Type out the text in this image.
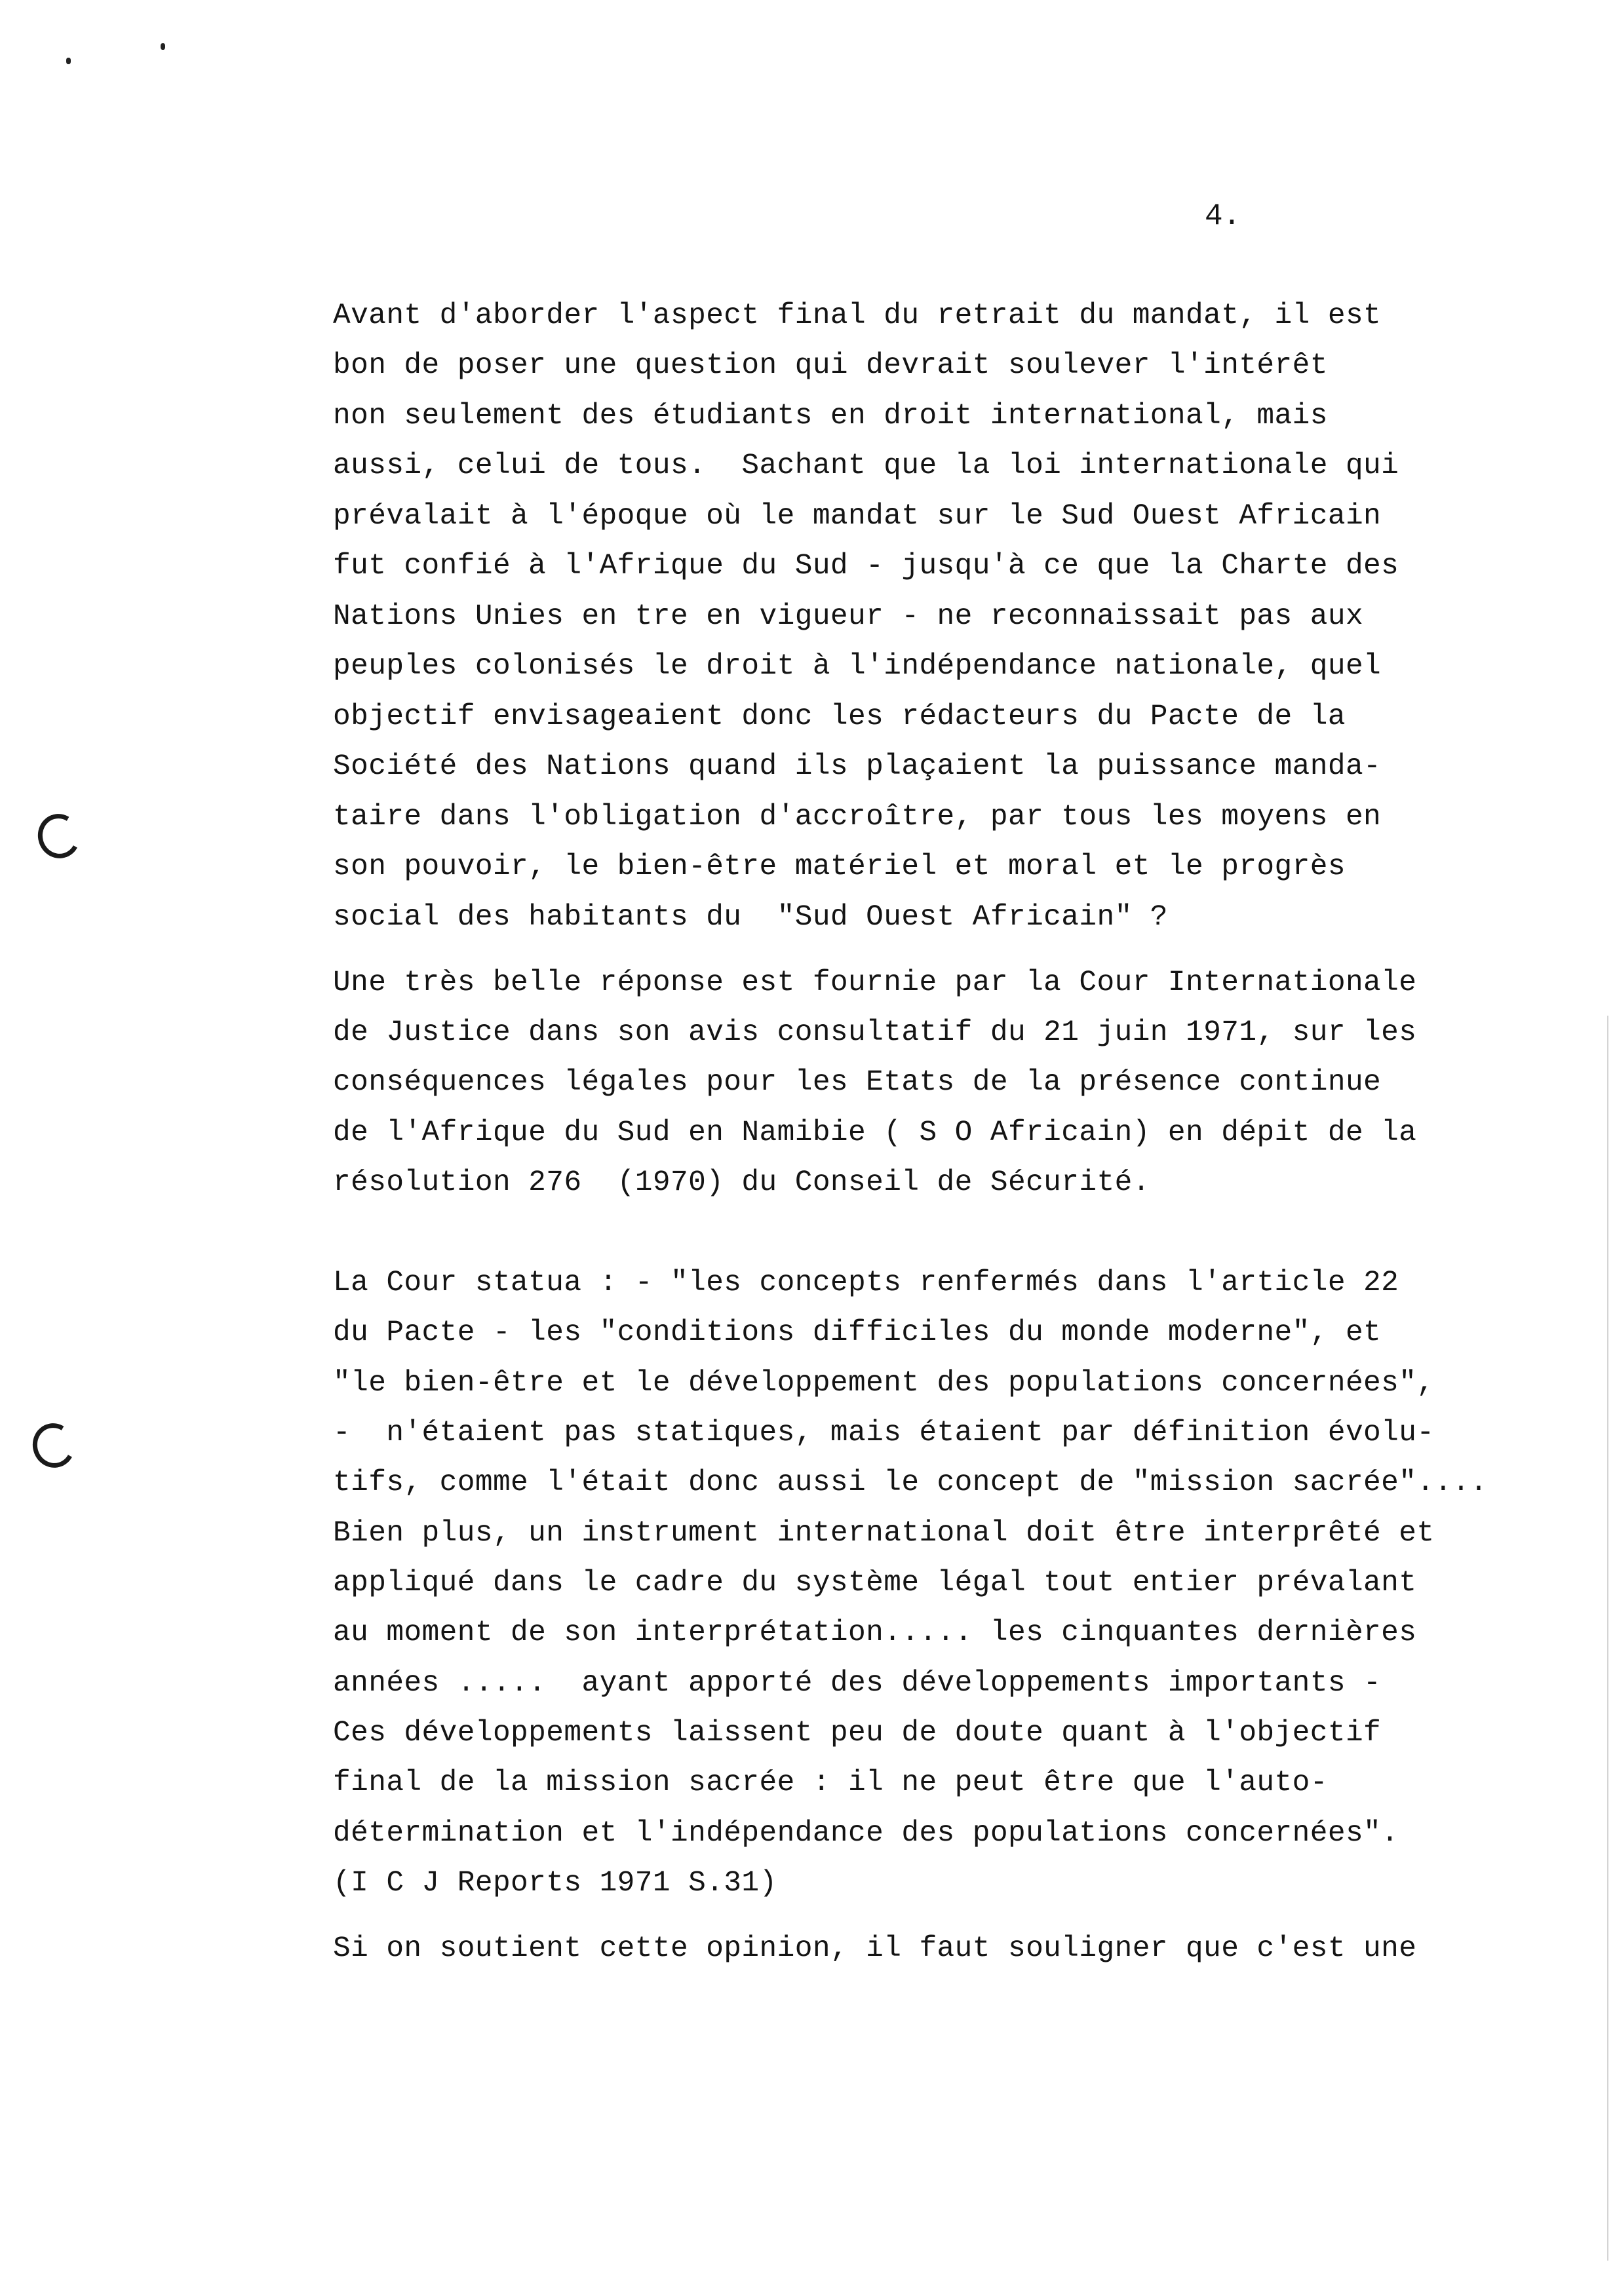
4.

Avant d'aborder l'aspect final du retrait du mandat, il est

bon de poser une question qui devrait soulever l'intérêt

non seulement des étudiants en droit international, mais

aussi, celui de tous.  Sachant que la loi internationale qui

prévalait à l'époque où le mandat sur le Sud Ouest Africain

fut confié à l'Afrique du Sud - jusqu'à ce que la Charte des

Nations Unies en tre en vigueur - ne reconnaissait pas aux

peuples colonisés le droit à l'indépendance nationale, quel

objectif envisageaient donc les rédacteurs du Pacte de la

Société des Nations quand ils plaçaient la puissance manda-

taire dans l'obligation d'accroître, par tous les moyens en

son pouvoir, le bien-être matériel et moral et le progrès

social des habitants du  "Sud Ouest Africain" ?

Une très belle réponse est fournie par la Cour Internationale

de Justice dans son avis consultatif du 21 juin 1971, sur les

conséquences légales pour les Etats de la présence continue

de l'Afrique du Sud en Namibie ( S O Africain) en dépit de la

résolution 276  (1970) du Conseil de Sécurité.

La Cour statua : - "les concepts renfermés dans l'article 22

du Pacte - les "conditions difficiles du monde moderne", et

"le bien-être et le développement des populations concernées",

-  n'étaient pas statiques, mais étaient par définition évolu-

tifs, comme l'était donc aussi le concept de "mission sacrée"....

Bien plus, un instrument international doit être interprêté et

appliqué dans le cadre du système légal tout entier prévalant

au moment de son interprétation..... les cinquantes dernières

années .....  ayant apporté des développements importants -

Ces développements laissent peu de doute quant à l'objectif

final de la mission sacrée : il ne peut être que l'auto-

détermination et l'indépendance des populations concernées".

(I C J Reports 1971 S.31)

Si on soutient cette opinion, il faut souligner que c'est une
